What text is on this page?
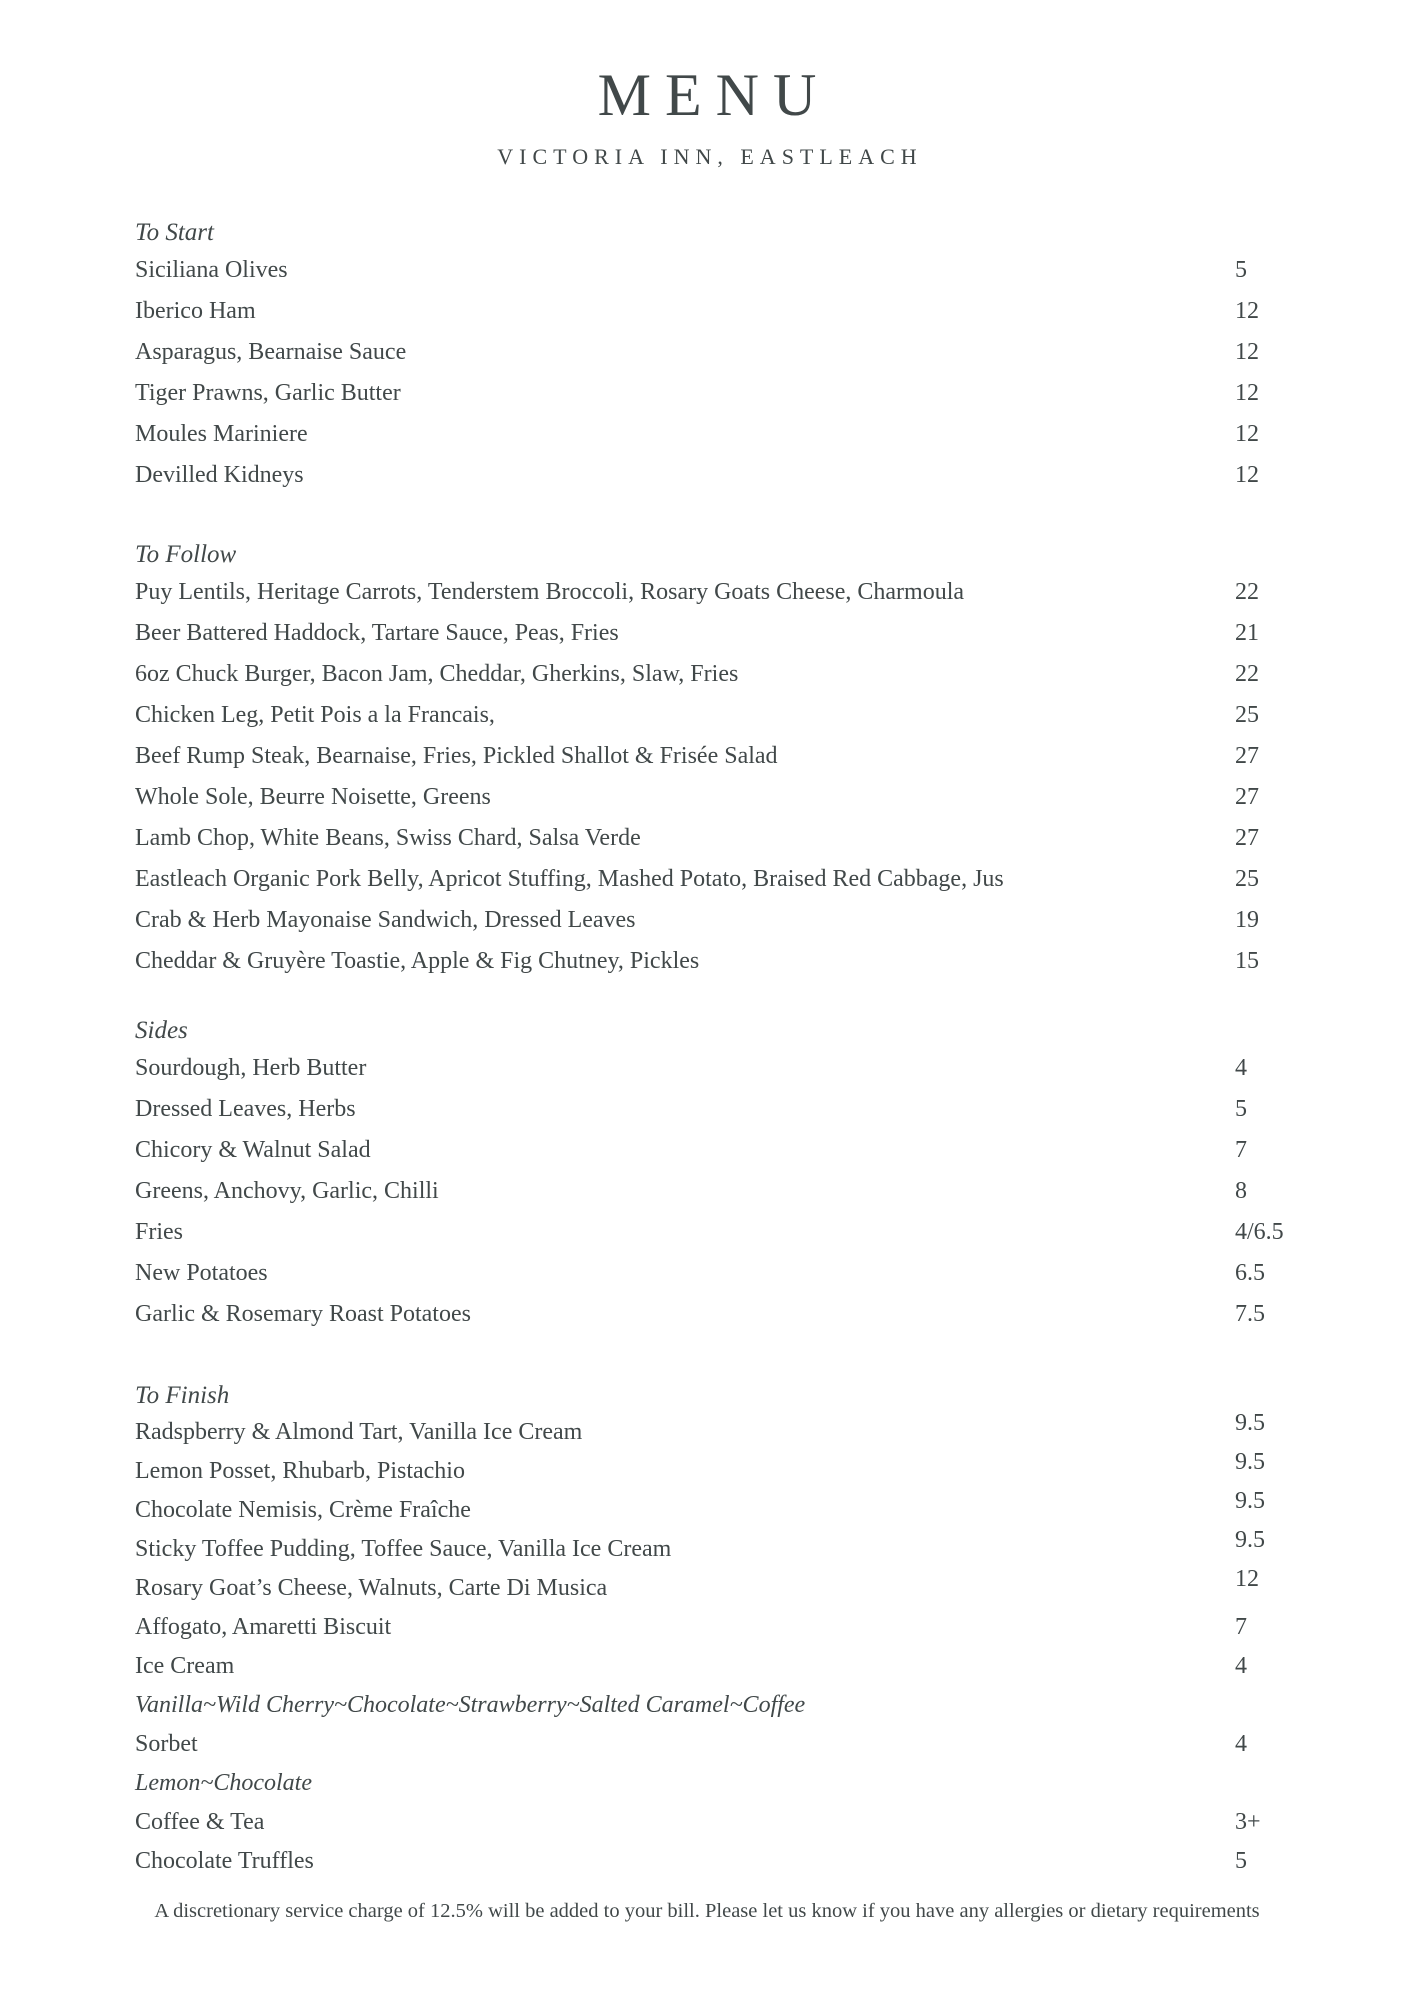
MENU
VICTORIA INN, EASTLEACH
To Start
Siciliana Olives	5
Iberico Ham	12
Asparagus, Bearnaise Sauce	12
Tiger Prawns, Garlic Butter	12
Moules Mariniere	12
Devilled Kidneys	12
To Follow
Puy Lentils, Heritage Carrots, Tenderstem Broccoli, Rosary Goats Cheese, Charmoula	22
Beer Battered Haddock, Tartare Sauce, Peas, Fries	21
6oz Chuck Burger, Bacon Jam, Cheddar, Gherkins, Slaw, Fries	22
Chicken Leg, Petit Pois a la Francais,	25
Beef Rump Steak, Bearnaise, Fries, Pickled Shallot & Frisée Salad	27
Whole Sole, Beurre Noisette, Greens	27
Lamb Chop, White Beans, Swiss Chard, Salsa Verde	27
Eastleach Organic Pork Belly, Apricot Stuffing, Mashed Potato, Braised Red Cabbage, Jus	25
Crab & Herb Mayonaise Sandwich, Dressed Leaves	19
Cheddar & Gruyère Toastie, Apple & Fig Chutney, Pickles	15
Sides
Sourdough, Herb Butter	4
Dressed Leaves, Herbs	5
Chicory & Walnut Salad	7
Greens, Anchovy, Garlic, Chilli	8
Fries	4/6.5
New Potatoes	6.5
Garlic & Rosemary Roast Potatoes	7.5
To Finish
Radspberry & Almond Tart, Vanilla Ice Cream	9.5
Lemon Posset, Rhubarb, Pistachio	9.5
Chocolate Nemisis, Crème Fraîche	9.5
Sticky Toffee Pudding, Toffee Sauce, Vanilla Ice Cream	9.5
Rosary Goat’s Cheese, Walnuts, Carte Di Musica	12
Affogato, Amaretti Biscuit	7
Ice Cream	4
Vanilla~Wild Cherry~Chocolate~Strawberry~Salted Caramel~Coffee
Sorbet	4
Lemon~Chocolate
Coffee & Tea	3+
Chocolate Truffles	5
A discretionary service charge of 12.5% will be added to your bill. Please let us know if you have any allergies or dietary requirements
